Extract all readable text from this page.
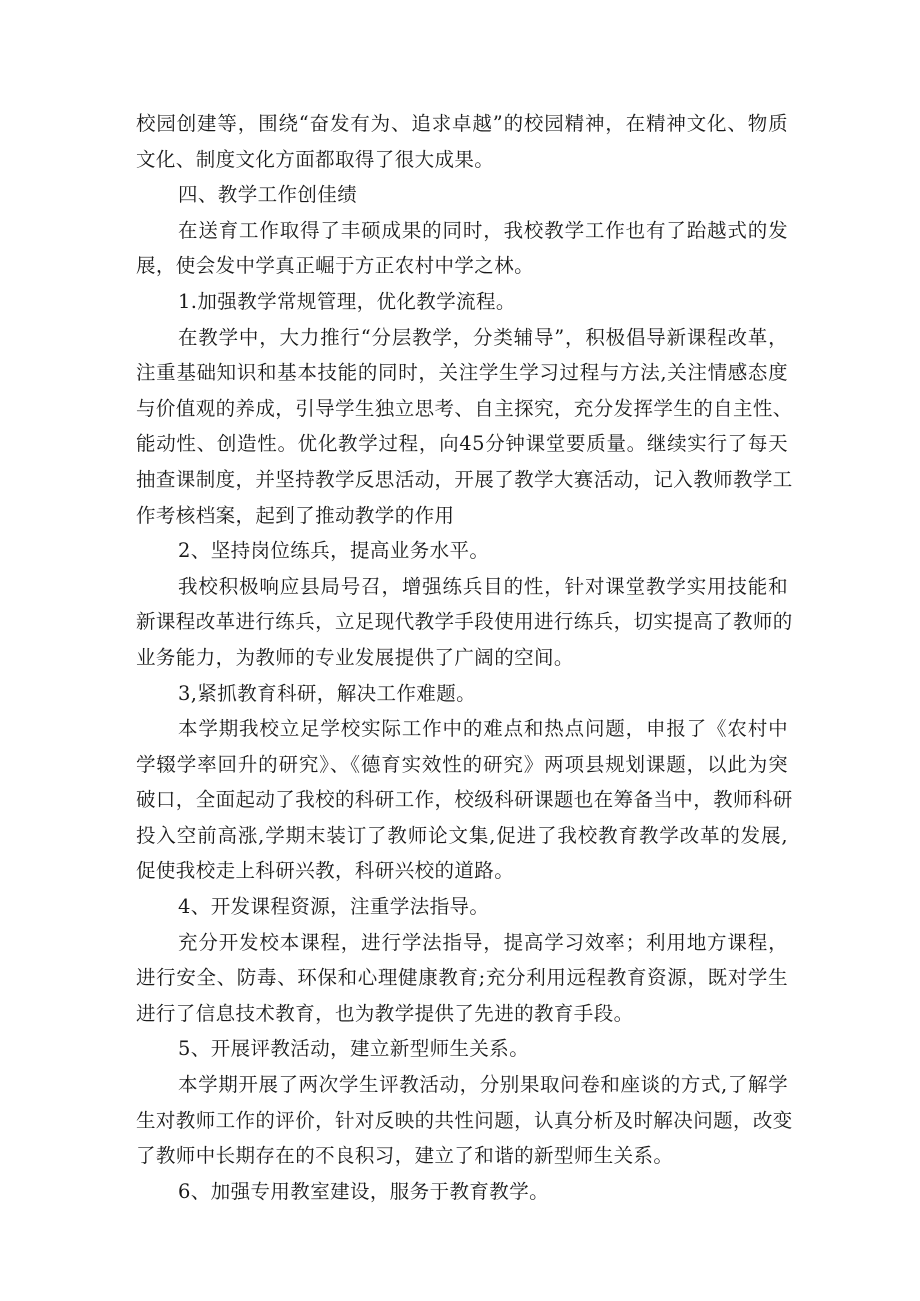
校园创建等，围绕“奋发有为、追求卓越”的校园精神，在精神文化、物质
文化、制度文化方面都取得了很大成果。
四、教学工作创佳绩
在送育工作取得了丰硕成果的同时，我校教学工作也有了跆越式的发
展，使会发中学真正崛于方正农村中学之林。
1.加强教学常规管理，优化教学流程。
在教学中，大力推行“分层教学，分类辅导”，积极倡导新课程改革，
注重基础知识和基本技能的同时，关注学生学习过程与方法,关注情感态度
与价值观的养成，引导学生独立思考、自主探究，充分发挥学生的自主性、
能动性、创造性。优化教学过程，向45分钟课堂要质量。继续实行了每天
抽查课制度，并坚持教学反思活动，开展了教学大赛活动，记入教师教学工
作考核档案，起到了推动教学的作用
2、坚持岗位练兵，提高业务水平。
我校积极响应县局号召，增强练兵目的性，针对课堂教学实用技能和
新课程改革进行练兵，立足现代教学手段使用进行练兵，切实提高了教师的
业务能力，为教师的专业发展提供了广阔的空间。
3,紧抓教育科研，解决工作难题。
本学期我校立足学校实际工作中的难点和热点问题，申报了《农村中
学辍学率回升的研究》、《德育实效性的研究》两项县规划课题，以此为突
破口，全面起动了我校的科研工作，校级科研课题也在筹备当中，教师科研
投入空前高涨,学期末装订了教师论文集,促进了我校教育教学改革的发展,
促使我校走上科研兴教，科研兴校的道路。
4、开发课程资源，注重学法指导。
充分开发校本课程，进行学法指导，提高学习效率；利用地方课程，
进行安全、防毒、环保和心理健康教育;充分利用远程教育资源，既对学生
进行了信息技术教育，也为教学提供了先进的教育手段。
5、开展评教活动，建立新型师生关系。
本学期开展了两次学生评教活动，分别果取问卷和座谈的方式,了解学
生对教师工作的评价，针对反映的共性问题，认真分析及时解决问题，改变
了教师中长期存在的不良积习，建立了和谐的新型师生关系。
6、加强专用教室建设，服务于教育教学。
